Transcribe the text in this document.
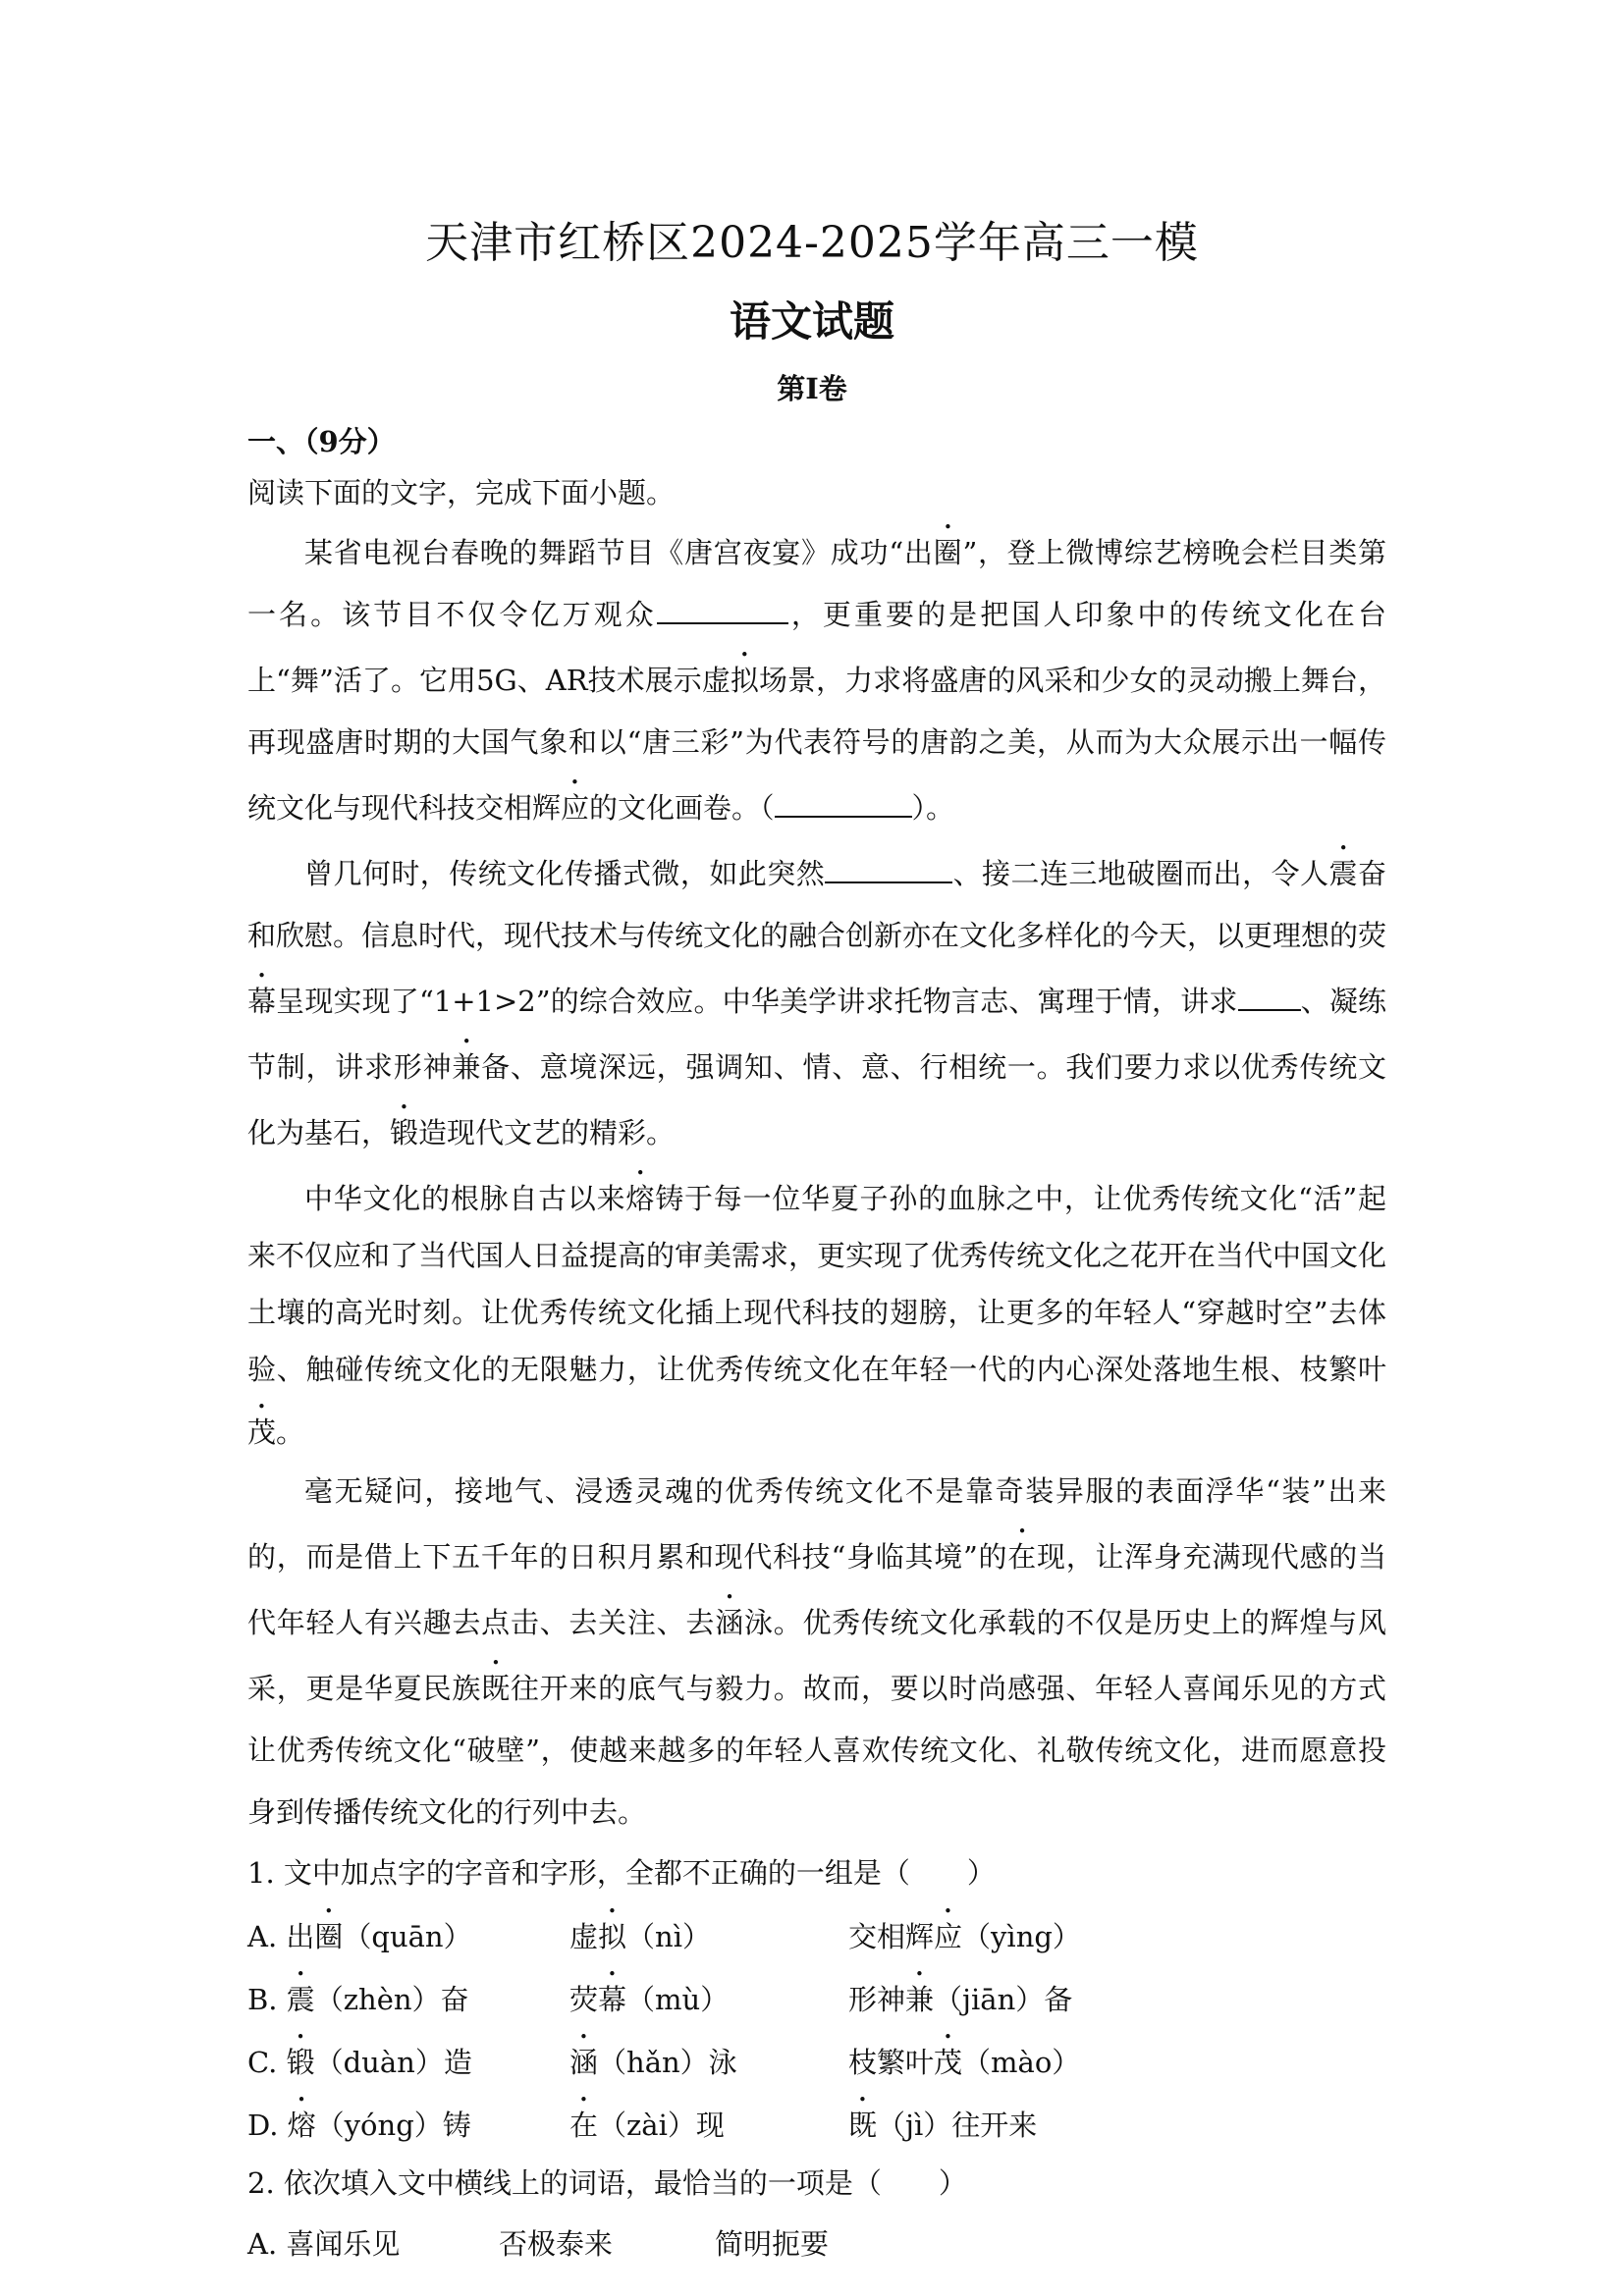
天津市红桥区2024-2025学年高三一模
语文试题
第Ⅰ卷
一、（9分）
阅读下面的文字，完成下面小题。

某省电视台春晚的舞蹈节目《唐宫夜宴》成功“出圈”，登上微博综艺榜晚会栏目类第一名。该节目不仅令亿万观众	，更重要的是把国人印象中的传统文化在台上“舞”活了。它用5G、AR技术展示虚拟场景，力求将盛唐的风采和少女的灵动搬上舞台，再现盛唐时期的大国气象和以“唐三彩”为代表符号的唐韵之美，从而为大众展示出一幅传统文化与现代科技交相辉应的文化画卷。（	）。

曾几何时，传统文化传播式微，如此突然	、接二连三地破圈而出，令人震奋和欣慰。信息时代，现代技术与传统文化的融合创新亦在文化多样化的今天，以更理想的荧幕呈现实现了“1+1>2”的综合效应。中华美学讲求托物言志、寓理于情，讲求 、凝练节制，讲求形神兼备、意境深远，强调知、情、意、行相统一。我们要力求以优秀传统文化为基石，锻造现代文艺的精彩。

中华文化的根脉自古以来熔铸于每一位华夏子孙的血脉之中，让优秀传统文化“活”起来不仅应和了当代国人日益提高的审美需求，更实现了优秀传统文化之花开在当代中国文化土壤的高光时刻。让优秀传统文化插上现代科技的翅膀，让更多的年轻人“穿越时空”去体验、触碰传统文化的无限魅力，让优秀传统文化在年轻一代的内心深处落地生根、枝繁叶茂。

毫无疑问，接地气、浸透灵魂的优秀传统文化不是靠奇装异服的表面浮华“装”出来的，而是借上下五千年的日积月累和现代科技“身临其境”的在现，让浑身充满现代感的当代年轻人有兴趣去点击、去关注、去涵泳。优秀传统文化承载的不仅是历史上的辉煌与风采，更是华夏民族既往开来的底气与毅力。故而，要以时尚感强、年轻人喜闻乐见的方式让优秀传统文化“破壁”，使越来越多的年轻人喜欢传统文化、礼敬传统文化，进而愿意投身到传播传统文化的行列中去。

1. 文中加点字的字音和字形，全都不正确的一组是（　　）
A. 出圈（quān）	虚拟（nì）	交相辉应（yìng）
B. 震（zhèn）奋	荧幕（mù）	形神兼（jiān）备
C. 锻（duàn）造	涵（hǎn）泳	枝繁叶茂（mào）
D. 熔（yóng）铸	在（zài）现	既（jì）往开来
2. 依次填入文中横线上的词语，最恰当的一项是（　　）
A. 喜闻乐见	否极泰来	简明扼要
